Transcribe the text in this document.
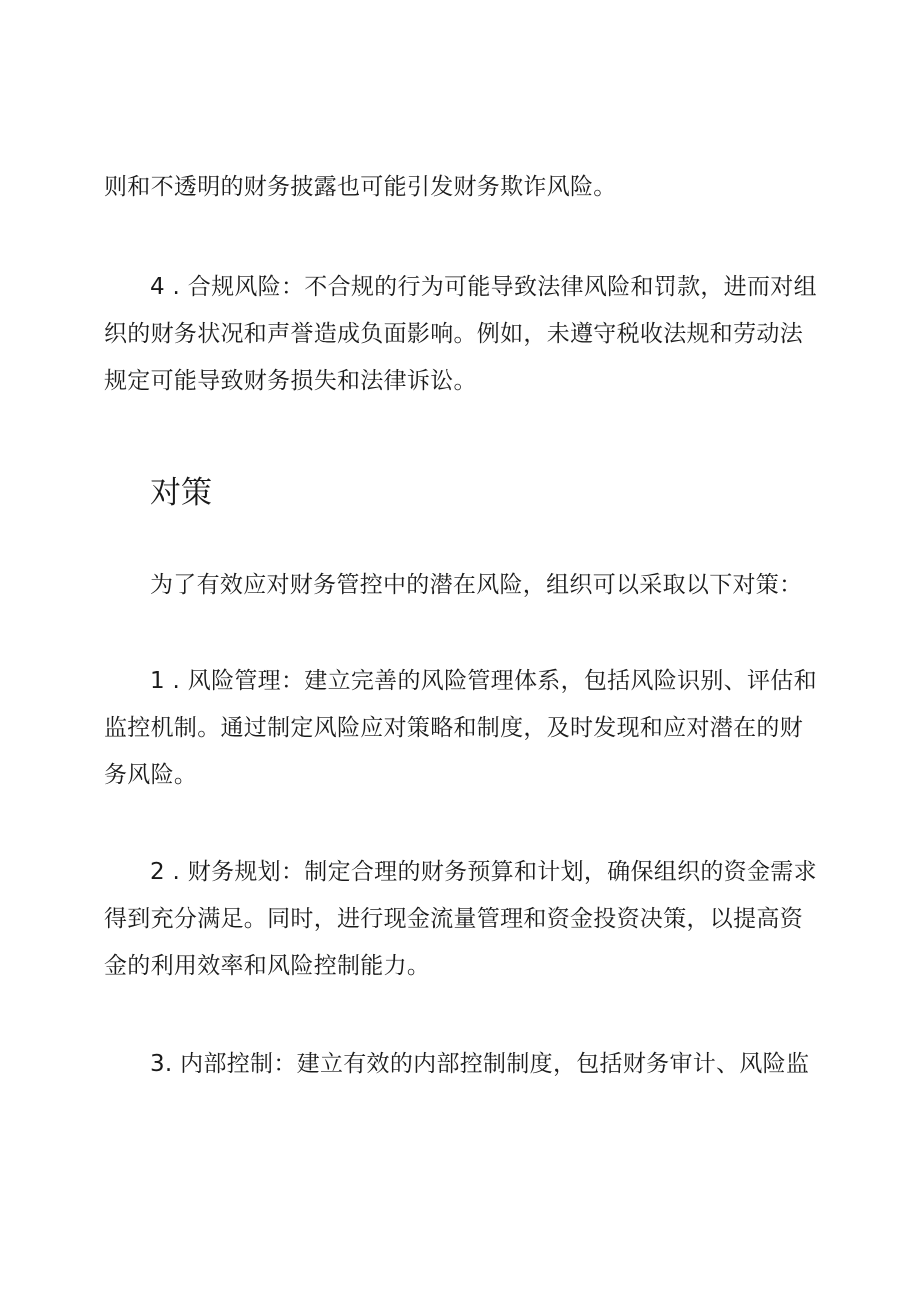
则和不透明的财务披露也可能引发财务欺诈风险。

4 . 合规风险：不合规的行为可能导致法律风险和罚款，进而对组织的财务状况和声誉造成负面影响。例如，未遵守税收法规和劳动法规定可能导致财务损失和法律诉讼。

对策

为了有效应对财务管控中的潜在风险，组织可以采取以下对策：

1 . 风险管理：建立完善的风险管理体系，包括风险识别、评估和监控机制。通过制定风险应对策略和制度，及时发现和应对潜在的财务风险。

2 . 财务规划：制定合理的财务预算和计划，确保组织的资金需求得到充分满足。同时，进行现金流量管理和资金投资决策，以提高资金的利用效率和风险控制能力。

3. 内部控制：建立有效的内部控制制度，包括财务审计、风险监
